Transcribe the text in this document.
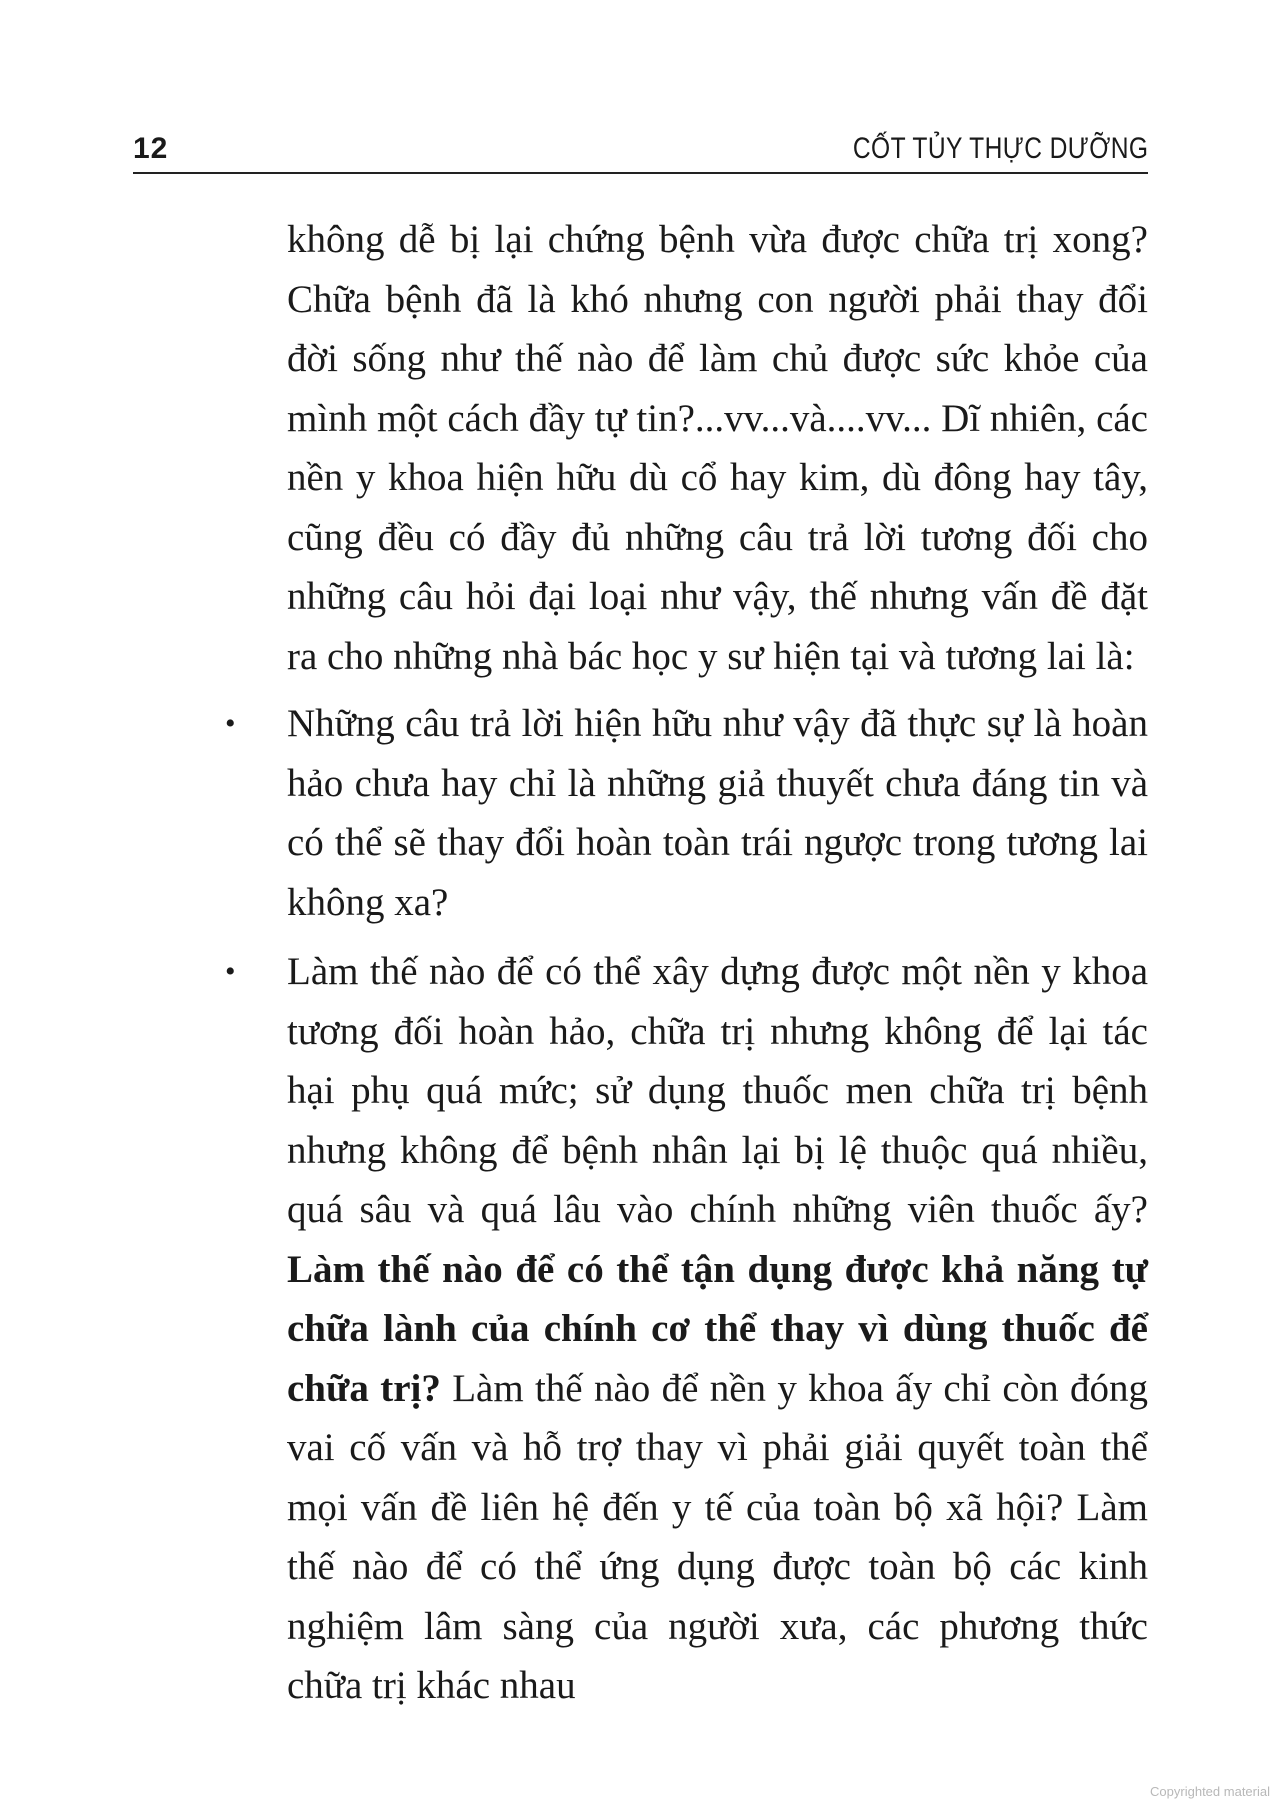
12	CỐT TỦY THỰC DƯỠNG

không dễ bị lại chứng bệnh vừa được chữa trị xong? Chữa bệnh đã là khó nhưng con người phải thay đổi đời sống như thế nào để làm chủ được sức khỏe của mình một cách đầy tự tin?...vv...và....vv... Dĩ nhiên, các nền y khoa hiện hữu dù cổ hay kim, dù đông hay tây, cũng đều có đầy đủ những câu trả lời tương đối cho những câu hỏi đại loại như vậy, thế nhưng vấn đề đặt ra cho những nhà bác học y sư hiện tại và tương lai là:

• Những câu trả lời hiện hữu như vậy đã thực sự là hoàn hảo chưa hay chỉ là những giả thuyết chưa đáng tin và có thể sẽ thay đổi hoàn toàn trái ngược trong tương lai không xa?

• Làm thế nào để có thể xây dựng được một nền y khoa tương đối hoàn hảo, chữa trị nhưng không để lại tác hại phụ quá mức; sử dụng thuốc men chữa trị bệnh nhưng không để bệnh nhân lại bị lệ thuộc quá nhiều, quá sâu và quá lâu vào chính những viên thuốc ấy? Làm thế nào để có thể tận dụng được khả năng tự chữa lành của chính cơ thể thay vì dùng thuốc để chữa trị? Làm thế nào để nền y khoa ấy chỉ còn đóng vai cố vấn và hỗ trợ thay vì phải giải quyết toàn thể mọi vấn đề liên hệ đến y tế của toàn bộ xã hội? Làm thế nào để có thể ứng dụng được toàn bộ các kinh nghiệm lâm sàng của người xưa, các phương thức chữa trị khác nhau

Copyrighted material
